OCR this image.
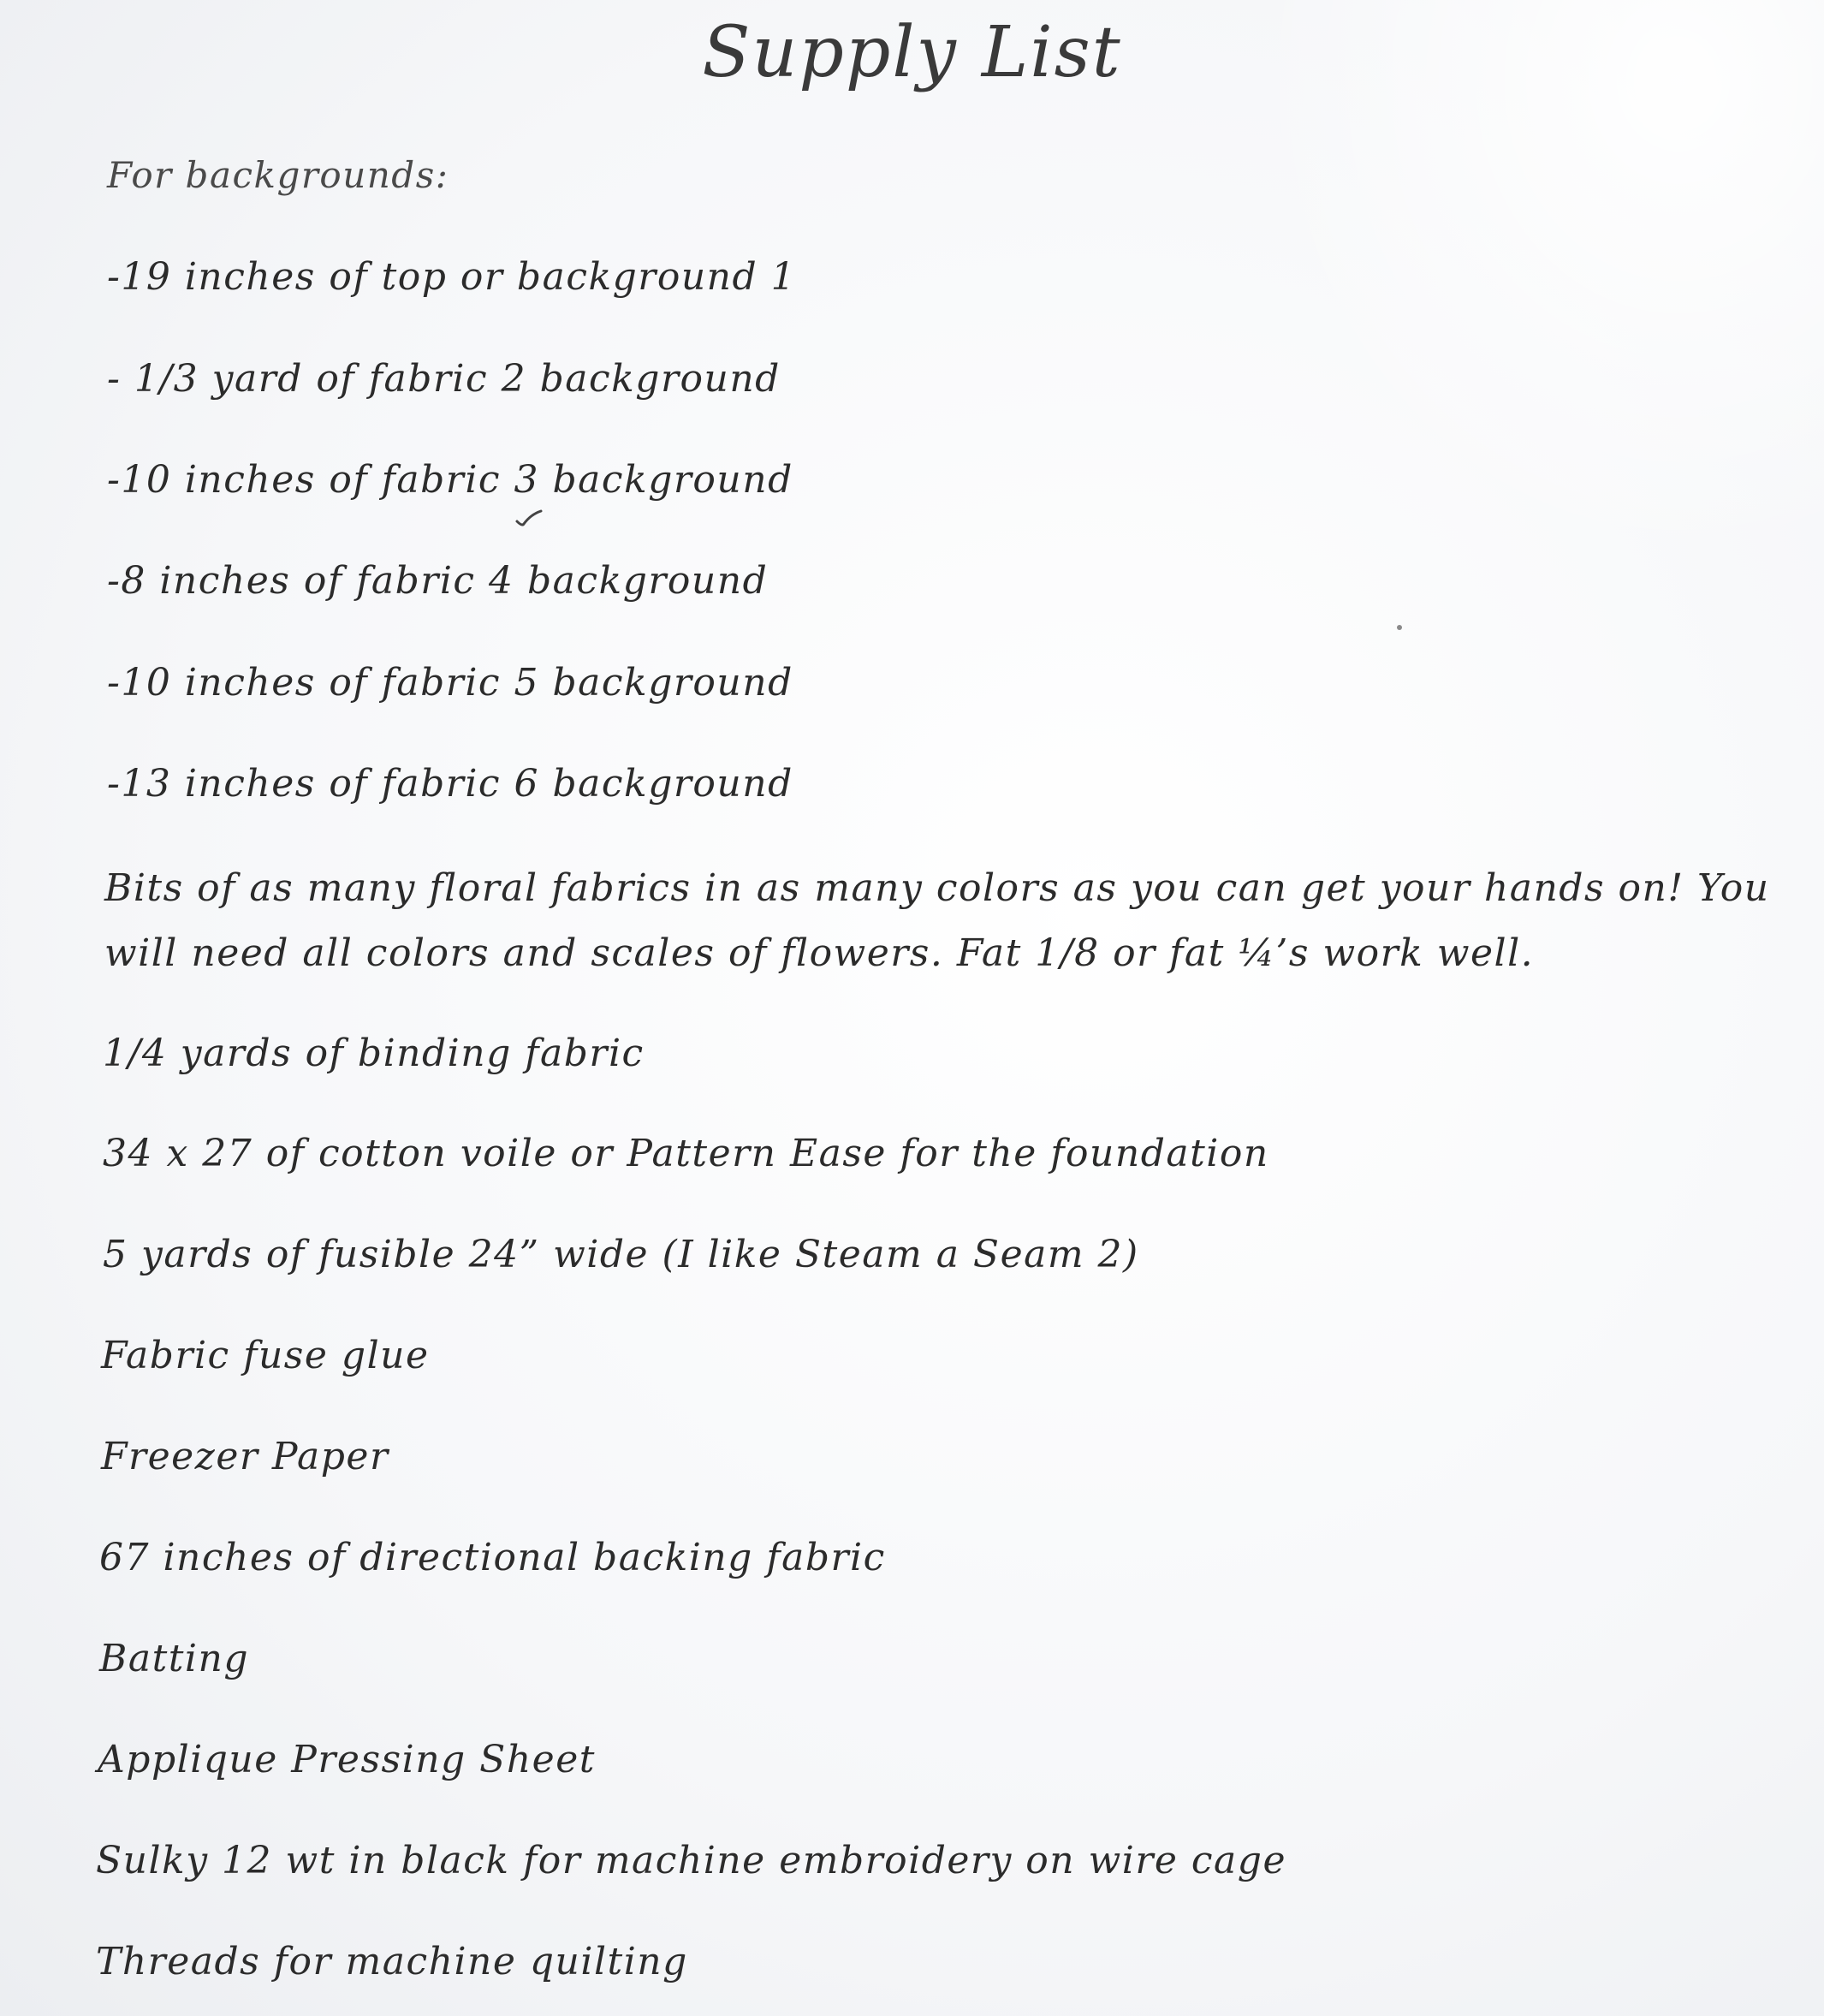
Supply List

For backgrounds:

-19 inches of top or background 1

- 1/3 yard of fabric 2 background

-10 inches of fabric 3 background

-8 inches of fabric 4 background

-10 inches of fabric 5 background

-13 inches of fabric 6 background

Bits of as many floral fabrics in as many colors as you can get your hands on! You will need all colors and scales of flowers. Fat 1/8 or fat ¼’s work well.

1/4 yards of binding fabric

34 x 27 of cotton voile or Pattern Ease for the foundation

5 yards of fusible 24” wide (I like Steam a Seam 2)

Fabric fuse glue

Freezer Paper

67 inches of directional backing fabric

Batting

Applique Pressing Sheet

Sulky 12 wt in black for machine embroidery on wire cage

Threads for machine quilting
